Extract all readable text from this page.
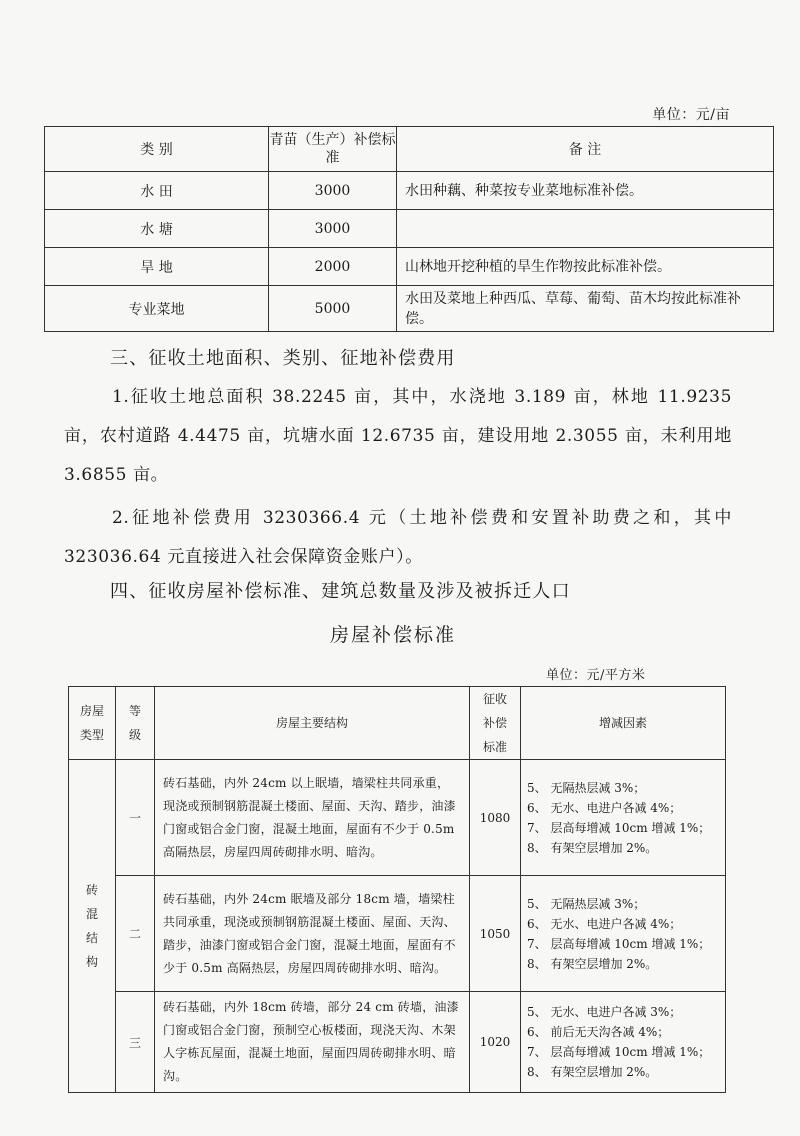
单位：元/亩
类 别	青苗（生产）补偿标准	备 注
水 田	3000	水田种藕、种菜按专业菜地标准补偿。
水 塘	3000	
旱 地	2000	山林地开挖种植的旱生作物按此标准补偿。
专业菜地	5000	水田及菜地上种西瓜、草莓、葡萄、苗木均按此标准补偿。
三、征收土地面积、类别、征地补偿费用
1.征收土地总面积 38.2245 亩，其中，水浇地 3.189 亩，林地 11.9235 亩，农村道路 4.4475 亩，坑塘水面 12.6735 亩，建设用地 2.3055 亩，未利用地 3.6855 亩。
2.征地补偿费用 3230366.4 元（土地补偿费和安置补助费之和，其中 323036.64 元直接进入社会保障资金账户）。
四、征收房屋补偿标准、建筑总数量及涉及被拆迁人口
房屋补偿标准
单位：元/平方米
房屋类型	等级	房屋主要结构	征收补偿标准	增减因素

砖混结构	一	砖石基础，内外 24cm 以上眠墙，墙梁柱共同承重，现浇或预制钢筋混凝土楼面、屋面、天沟、踏步，油漆门窗或铝合金门窗，混凝土地面，屋面有不少于 0.5m 高隔热层，房屋四周砖砌排水明、暗沟。	1080	5、 无隔热层减 3%；
6、 无水、电进户各减 4%；
7、 层高每增减 10cm 增减 1%；
8、 有架空层增加 2%。

	二	砖石基础，内外 24cm 眠墙及部分 18cm 墙，墙梁柱共同承重，现浇或预制钢筋混凝土楼面、屋面、天沟、踏步，油漆门窗或铝合金门窗，混凝土地面，屋面有不少于 0.5m 高隔热层，房屋四周砖砌排水明、暗沟。	1050	5、 无隔热层减 3%；
6、 无水、电进户各减 4%；
7、 层高每增减 10cm 增减 1%；
8、 有架空层增加 2%。

	三	砖石基础，内外 18cm 砖墙，部分 24 cm 砖墙，油漆门窗或铝合金门窗，预制空心板楼面，现浇天沟、木架人字栋瓦屋面，混凝土地面，屋面四周砖砌排水明、暗沟。	1020	5、 无水、电进户各减 3%；
6、 前后无天沟各减 4%；
7、 层高每增减 10cm 增减 1%；
8、 有架空层增加 2%。
